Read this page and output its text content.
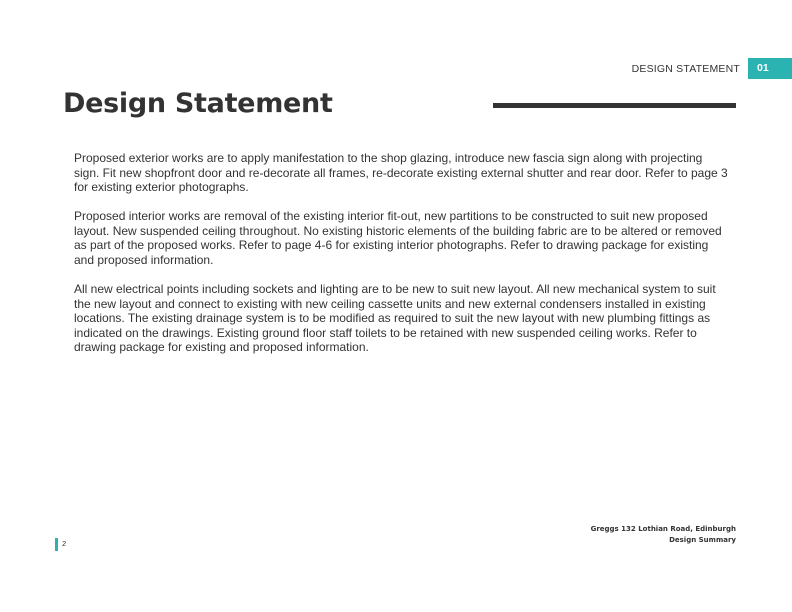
DESIGN STATEMENT	01
Design Statement

Proposed exterior works are to apply manifestation to the shop glazing, introduce new fascia sign along with projecting sign. Fit new shopfront door and re-decorate all frames, re-decorate existing external shutter and rear door. Refer to page 3 for existing exterior photographs.

Proposed interior works are removal of the existing interior fit-out, new partitions to be constructed to suit new proposed layout. New suspended ceiling throughout. No existing historic elements of the building fabric are to be altered or removed as part of the proposed works. Refer to page 4-6 for existing interior photographs. Refer to drawing package for existing and proposed information.

All new electrical points including sockets and lighting are to be new to suit new layout. All new mechanical system to suit the new layout and connect to existing with new ceiling cassette units and new external condensers installed in existing locations. The existing drainage system is to be modified as required to suit the new layout with new plumbing fittings as indicated on the drawings. Existing ground floor staff toilets to be retained with new suspended ceiling works. Refer to drawing package for existing and proposed information.

Greggs 132 Lothian Road, Edinburgh
Design Summary
2
